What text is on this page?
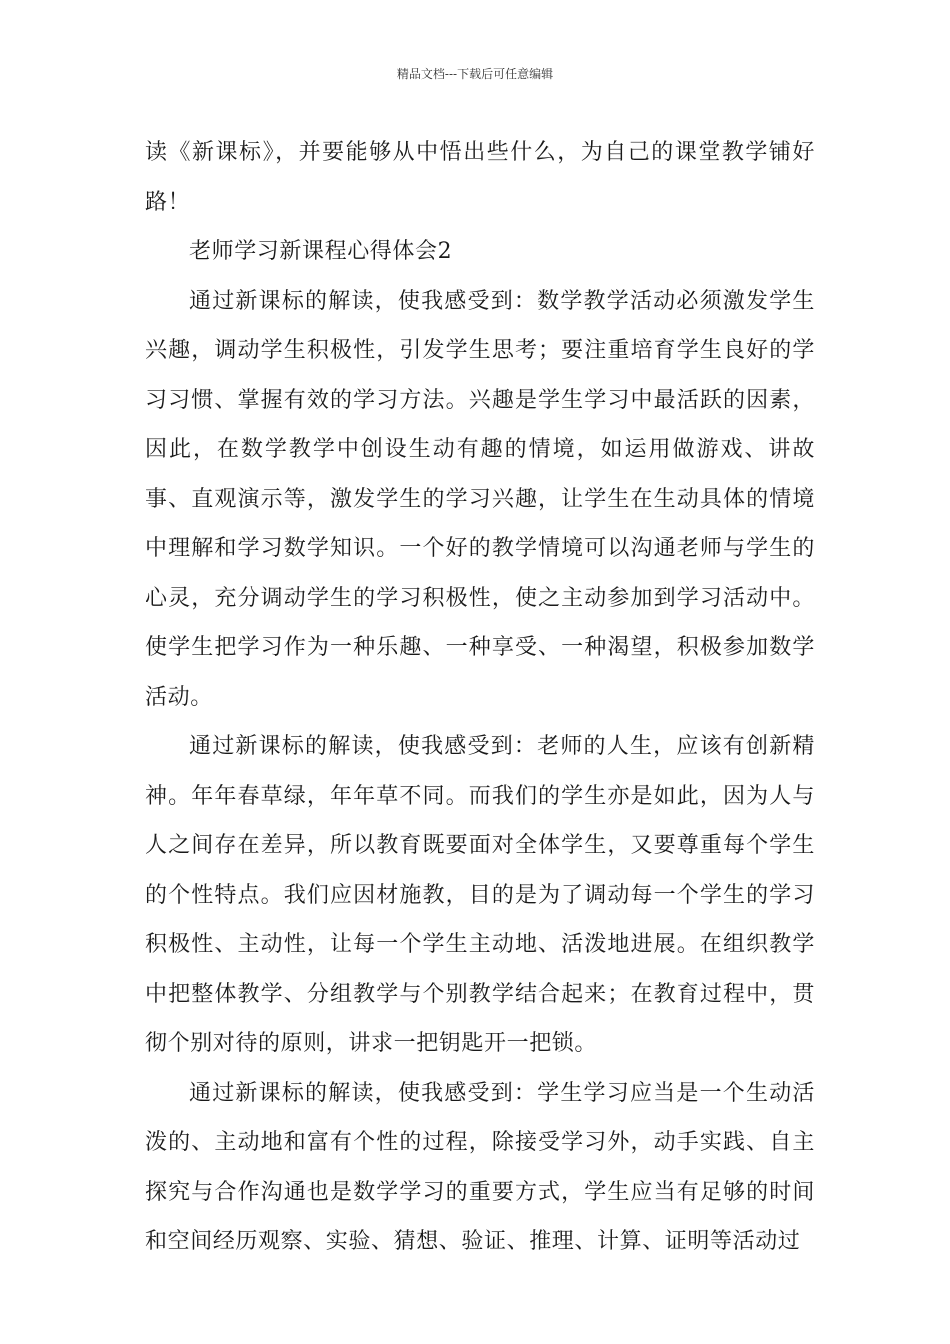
精品文档---下载后可任意编辑

读《新课标》，并要能够从中悟出些什么，为自己的课堂教学铺好路！

老师学习新课程心得体会2

通过新课标的解读，使我感受到：数学教学活动必须激发学生兴趣，调动学生积极性，引发学生思考；要注重培育学生良好的学习习惯、掌握有效的学习方法。兴趣是学生学习中最活跃的因素，因此，在数学教学中创设生动有趣的情境，如运用做游戏、讲故事、直观演示等，激发学生的学习兴趣，让学生在生动具体的情境中理解和学习数学知识。一个好的教学情境可以沟通老师与学生的心灵，充分调动学生的学习积极性，使之主动参加到学习活动中。使学生把学习作为一种乐趣、一种享受、一种渴望，积极参加数学活动。

通过新课标的解读，使我感受到：老师的人生，应该有创新精神。年年春草绿，年年草不同。而我们的学生亦是如此，因为人与人之间存在差异，所以教育既要面对全体学生，又要尊重每个学生的个性特点。我们应因材施教，目的是为了调动每一个学生的学习积极性、主动性，让每一个学生主动地、活泼地进展。在组织教学中把整体教学、分组教学与个别教学结合起来；在教育过程中，贯彻个别对待的原则，讲求一把钥匙开一把锁。

通过新课标的解读，使我感受到：学生学习应当是一个生动活泼的、主动地和富有个性的过程，除接受学习外，动手实践、自主探究与合作沟通也是数学学习的重要方式，学生应当有足够的时间和空间经历观察、实验、猜想、验证、推理、计算、证明等活动过
